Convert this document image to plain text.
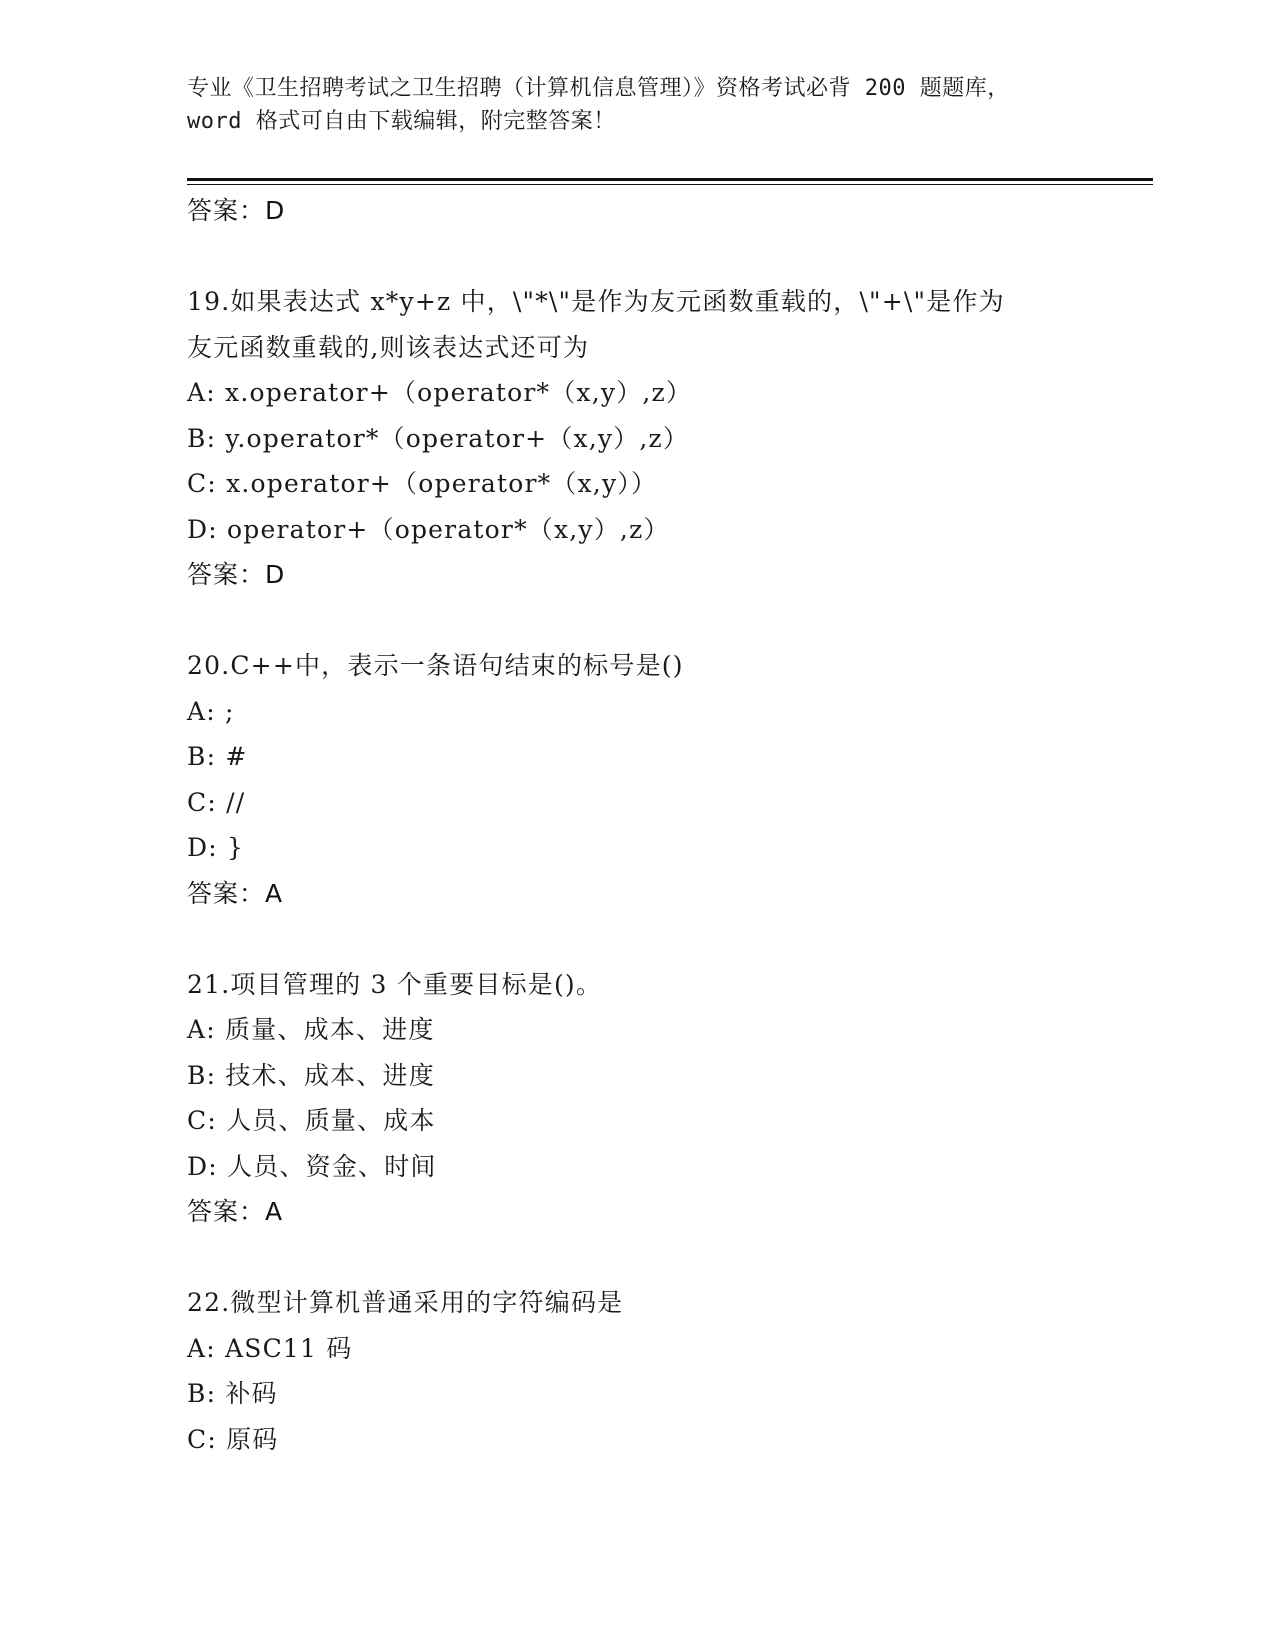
专业《卫生招聘考试之卫生招聘（计算机信息管理）》资格考试必背 200 题题库，
word 格式可自由下载编辑，附完整答案！
答案：D
19.如果表达式 x*y+z 中，\"*\"是作为友元函数重载的，\"+\"是作为
友元函数重载的,则该表达式还可为
A: x.operator+（operator*（x,y）,z）
B: y.operator*（operator+（x,y）,z）
C: x.operator+（operator*（x,y））
D: operator+（operator*（x,y）,z）
答案：D
20.C++中，表示一条语句结束的标号是()
A: ;
B: #
C: //
D: }
答案：A
21.项目管理的 3 个重要目标是()。
A: 质量、成本、进度
B: 技术、成本、进度
C: 人员、质量、成本
D: 人员、资金、时间
答案：A
22.微型计算机普通采用的字符编码是
A: ASC11 码
B: 补码
C: 原码
